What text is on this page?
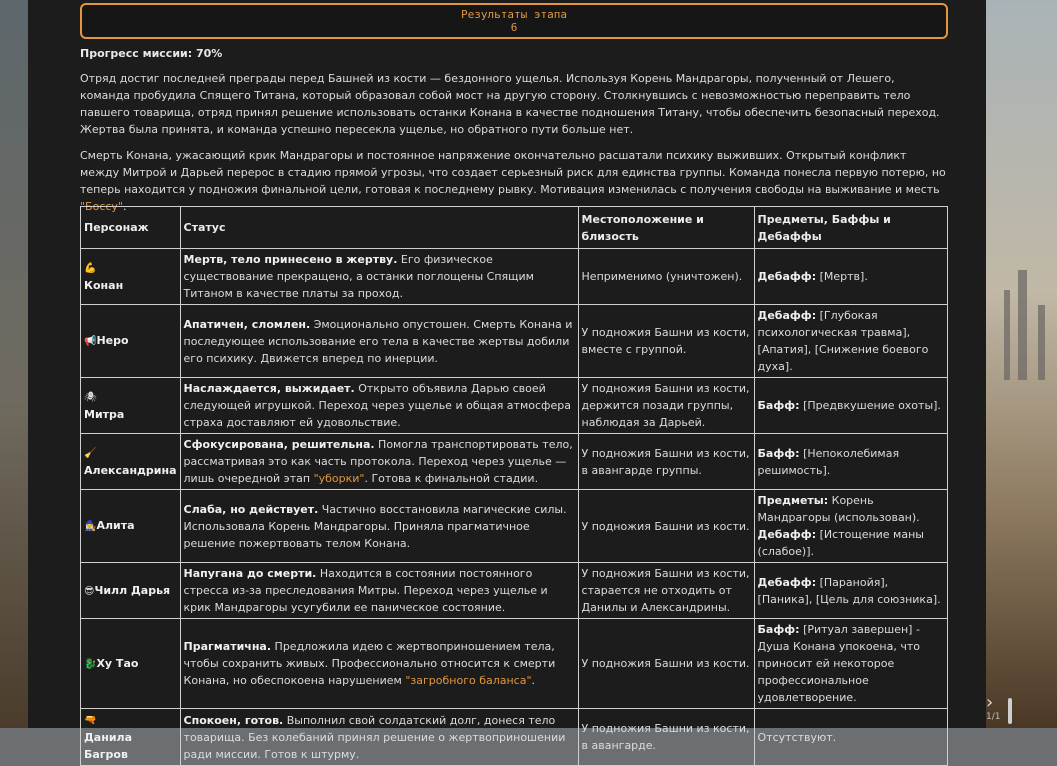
Результаты этапа
6
Прогресс миссии: 70%

Отряд достиг последней преграды перед Башней из кости — бездонного ущелья. Используя Корень Мандрагоры, полученный от Лешего, команда пробудила Спящего Титана, который образовал собой мост на другую сторону. Столкнувшись с невозможностью переправить тело павшего товарища, отряд принял решение использовать останки Конана в качестве подношения Титану, чтобы обеспечить безопасный переход. Жертва была принята, и команда успешно пересекла ущелье, но обратного пути больше нет.

Смерть Конана, ужасающий крик Мандрагоры и постоянное напряжение окончательно расшатали психику выживших. Открытый конфликт между Митрой и Дарьей перерос в стадию прямой угрозы, что создает серьезный риск для единства группы. Команда понесла первую потерю, но теперь находится у подножия финальной цели, готовая к последнему рывку. Мотивация изменилась с получения свободы на выживание и месть "Боссу".

Персонаж	Статус	Местоположение и близость	Предметы, Баффы и Дебаффы
💪
Конан	Мертв, тело принесено в жертву. Его физическое существование прекращено, а останки поглощены Спящим Титаном в качестве платы за проход.	Неприменимо (уничтожен).	Дебафф: [Мертв].
📢Неро	Апатичен, сломлен. Эмоционально опустошен. Смерть Конана и последующее использование его тела в качестве жертвы добили его психику. Движется вперед по инерции.	У подножия Башни из кости, вместе с группой.	Дебафф: [Глубокая психологическая травма], [Апатия], [Снижение боевого духа].
🕷
Митра	Наслаждается, выжидает. Открыто объявила Дарью своей следующей игрушкой. Переход через ущелье и общая атмосфера страха доставляют ей удовольствие.	У подножия Башни из кости, держится позади группы, наблюдая за Дарьей.	Бафф: [Предвкушение охоты].
🧹
Александрина	Сфокусирована, решительна. Помогла транспортировать тело, рассматривая это как часть протокола. Переход через ущелье — лишь очередной этап "уборки". Готова к финальной стадии.	У подножия Башни из кости, в авангарде группы.	Бафф: [Непоколебимая решимость].
🧙‍♀️Алита	Слаба, но действует. Частично восстановила магические силы. Использовала Корень Мандрагоры. Приняла прагматичное решение пожертвовать телом Конана.	У подножия Башни из кости.	Предметы: Корень Мандрагоры (использован). Дебафф: [Истощение маны (слабое)].
😎Чилл Дарья	Напугана до смерти. Находится в состоянии постоянного стресса из-за преследования Митры. Переход через ущелье и крик Мандрагоры усугубили ее паническое состояние.	У подножия Башни из кости, старается не отходить от Данилы и Александрины.	Дебафф: [Паранойя], [Паника], [Цель для союзника].
🐉Ху Тао	Прагматична. Предложила идею с жертвоприношением тела, чтобы сохранить живых. Профессионально относится к смерти Конана, но обеспокоена нарушением "загробного баланса".	У подножия Башни из кости.	Бафф: [Ритуал завершен] - Душа Конана упокоена, что приносит ей некоторое профессиональное удовлетворение.
🔫
Данила Багров	Спокоен, готов. Выполнил свой солдатский долг, донеся тело товарища. Без колебаний принял решение о жертвоприношении ради миссии. Готов к штурму.	У подножия Башни из кости, в авангарде.	Отсутствуют.
›
1/1
